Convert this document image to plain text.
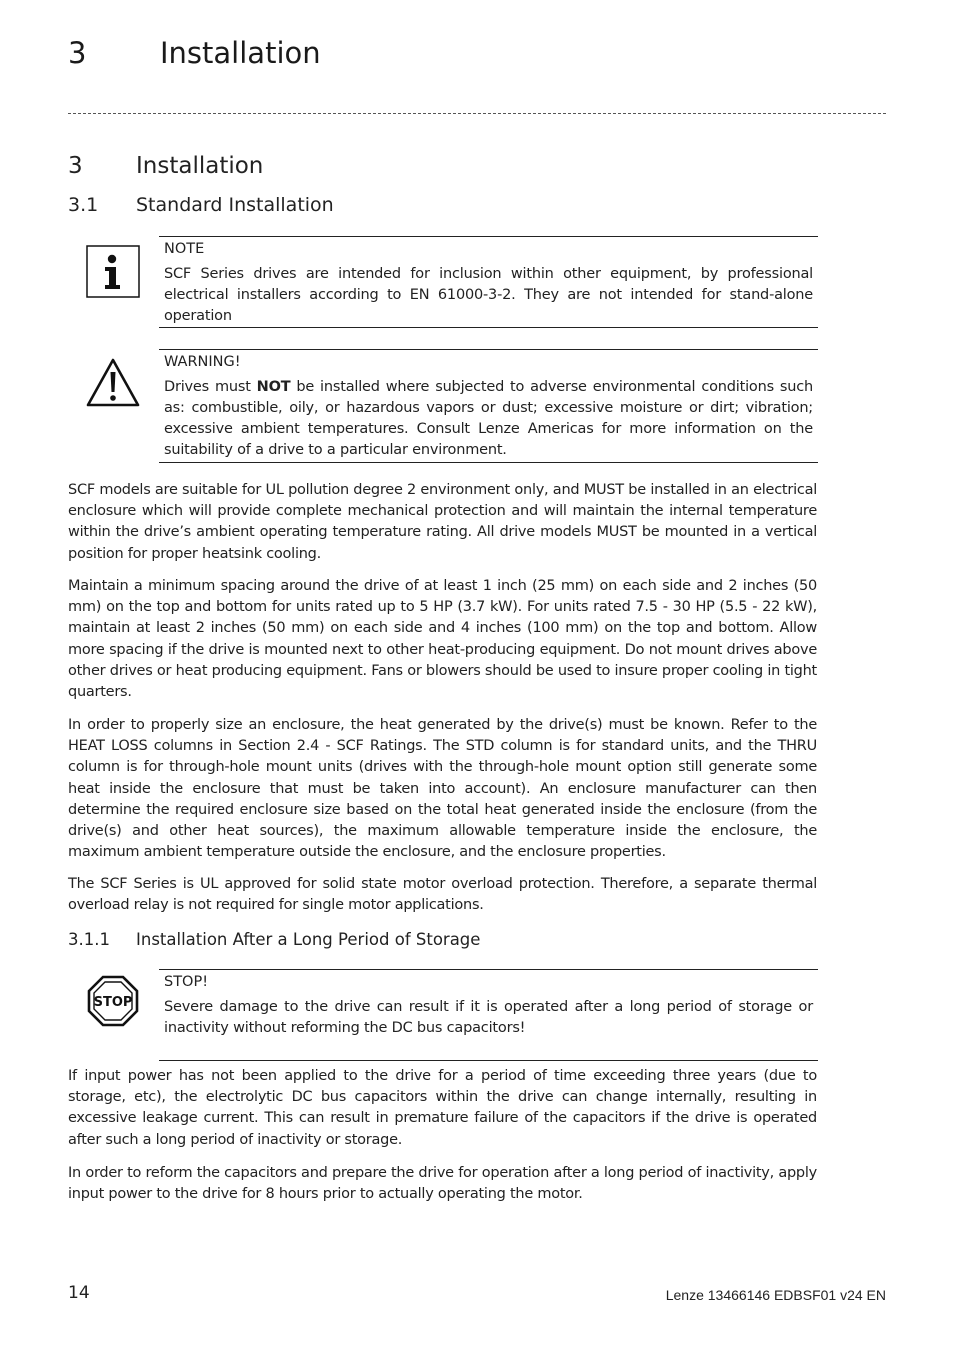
3	Installation
3 Installation
3.1 Standard Installation
NOTE
SCF Series drives are intended for inclusion within other equipment, by professional electrical installers according to EN 61000-3-2. They are not intended for stand-alone operation
WARNING!
Drives must NOT be installed where subjected to adverse environmental conditions such as: combustible, oily, or hazardous vapors or dust; excessive moisture or dirt; vibration; excessive ambient temperatures. Consult Lenze Americas for more information on the suitability of a drive to a particular environment.

SCF models are suitable for UL pollution degree 2 environment only, and MUST be installed in an electrical enclosure which will provide complete mechanical protection and will maintain the internal temperature within the drive’s ambient operating temperature rating. All drive models MUST be mounted in a vertical position for proper heatsink cooling.

Maintain a minimum spacing around the drive of at least 1 inch (25 mm) on each side and 2 inches (50 mm) on the top and bottom for units rated up to 5 HP (3.7 kW). For units rated 7.5 - 30 HP (5.5 - 22 kW), maintain at least 2 inches (50 mm) on each side and 4 inches (100 mm) on the top and bottom. Allow more spacing if the drive is mounted next to other heat-producing equipment. Do not mount drives above other drives or heat producing equipment. Fans or blowers should be used to insure proper cooling in tight quarters.

In order to properly size an enclosure, the heat generated by the drive(s) must be known. Refer to the HEAT LOSS columns in Section 2.4 - SCF Ratings. The STD column is for standard units, and the THRU column is for through-hole mount units (drives with the through-hole mount option still generate some heat inside the enclosure that must be taken into account). An enclosure manufacturer can then determine the required enclosure size based on the total heat generated inside the enclosure (from the drive(s) and other heat sources), the maximum allowable temperature inside the enclosure, the maximum ambient temperature outside the enclosure, and the enclosure properties.

The SCF Series is UL approved for solid state motor overload protection. Therefore, a separate thermal overload relay is not required for single motor applications.

3.1.1 Installation After a Long Period of Storage
STOP
STOP!
Severe damage to the drive can result if it is operated after a long period of storage or inactivity without reforming the DC bus capacitors!

If input power has not been applied to the drive for a period of time exceeding three years (due to storage, etc), the electrolytic DC bus capacitors within the drive can change internally, resulting in excessive leakage current. This can result in premature failure of the capacitors if the drive is operated after such a long period of inactivity or storage.

In order to reform the capacitors and prepare the drive for operation after a long period of inactivity, apply input power to the drive for 8 hours prior to actually operating the motor.

14	Lenze 13466146 EDBSF01 v24 EN
